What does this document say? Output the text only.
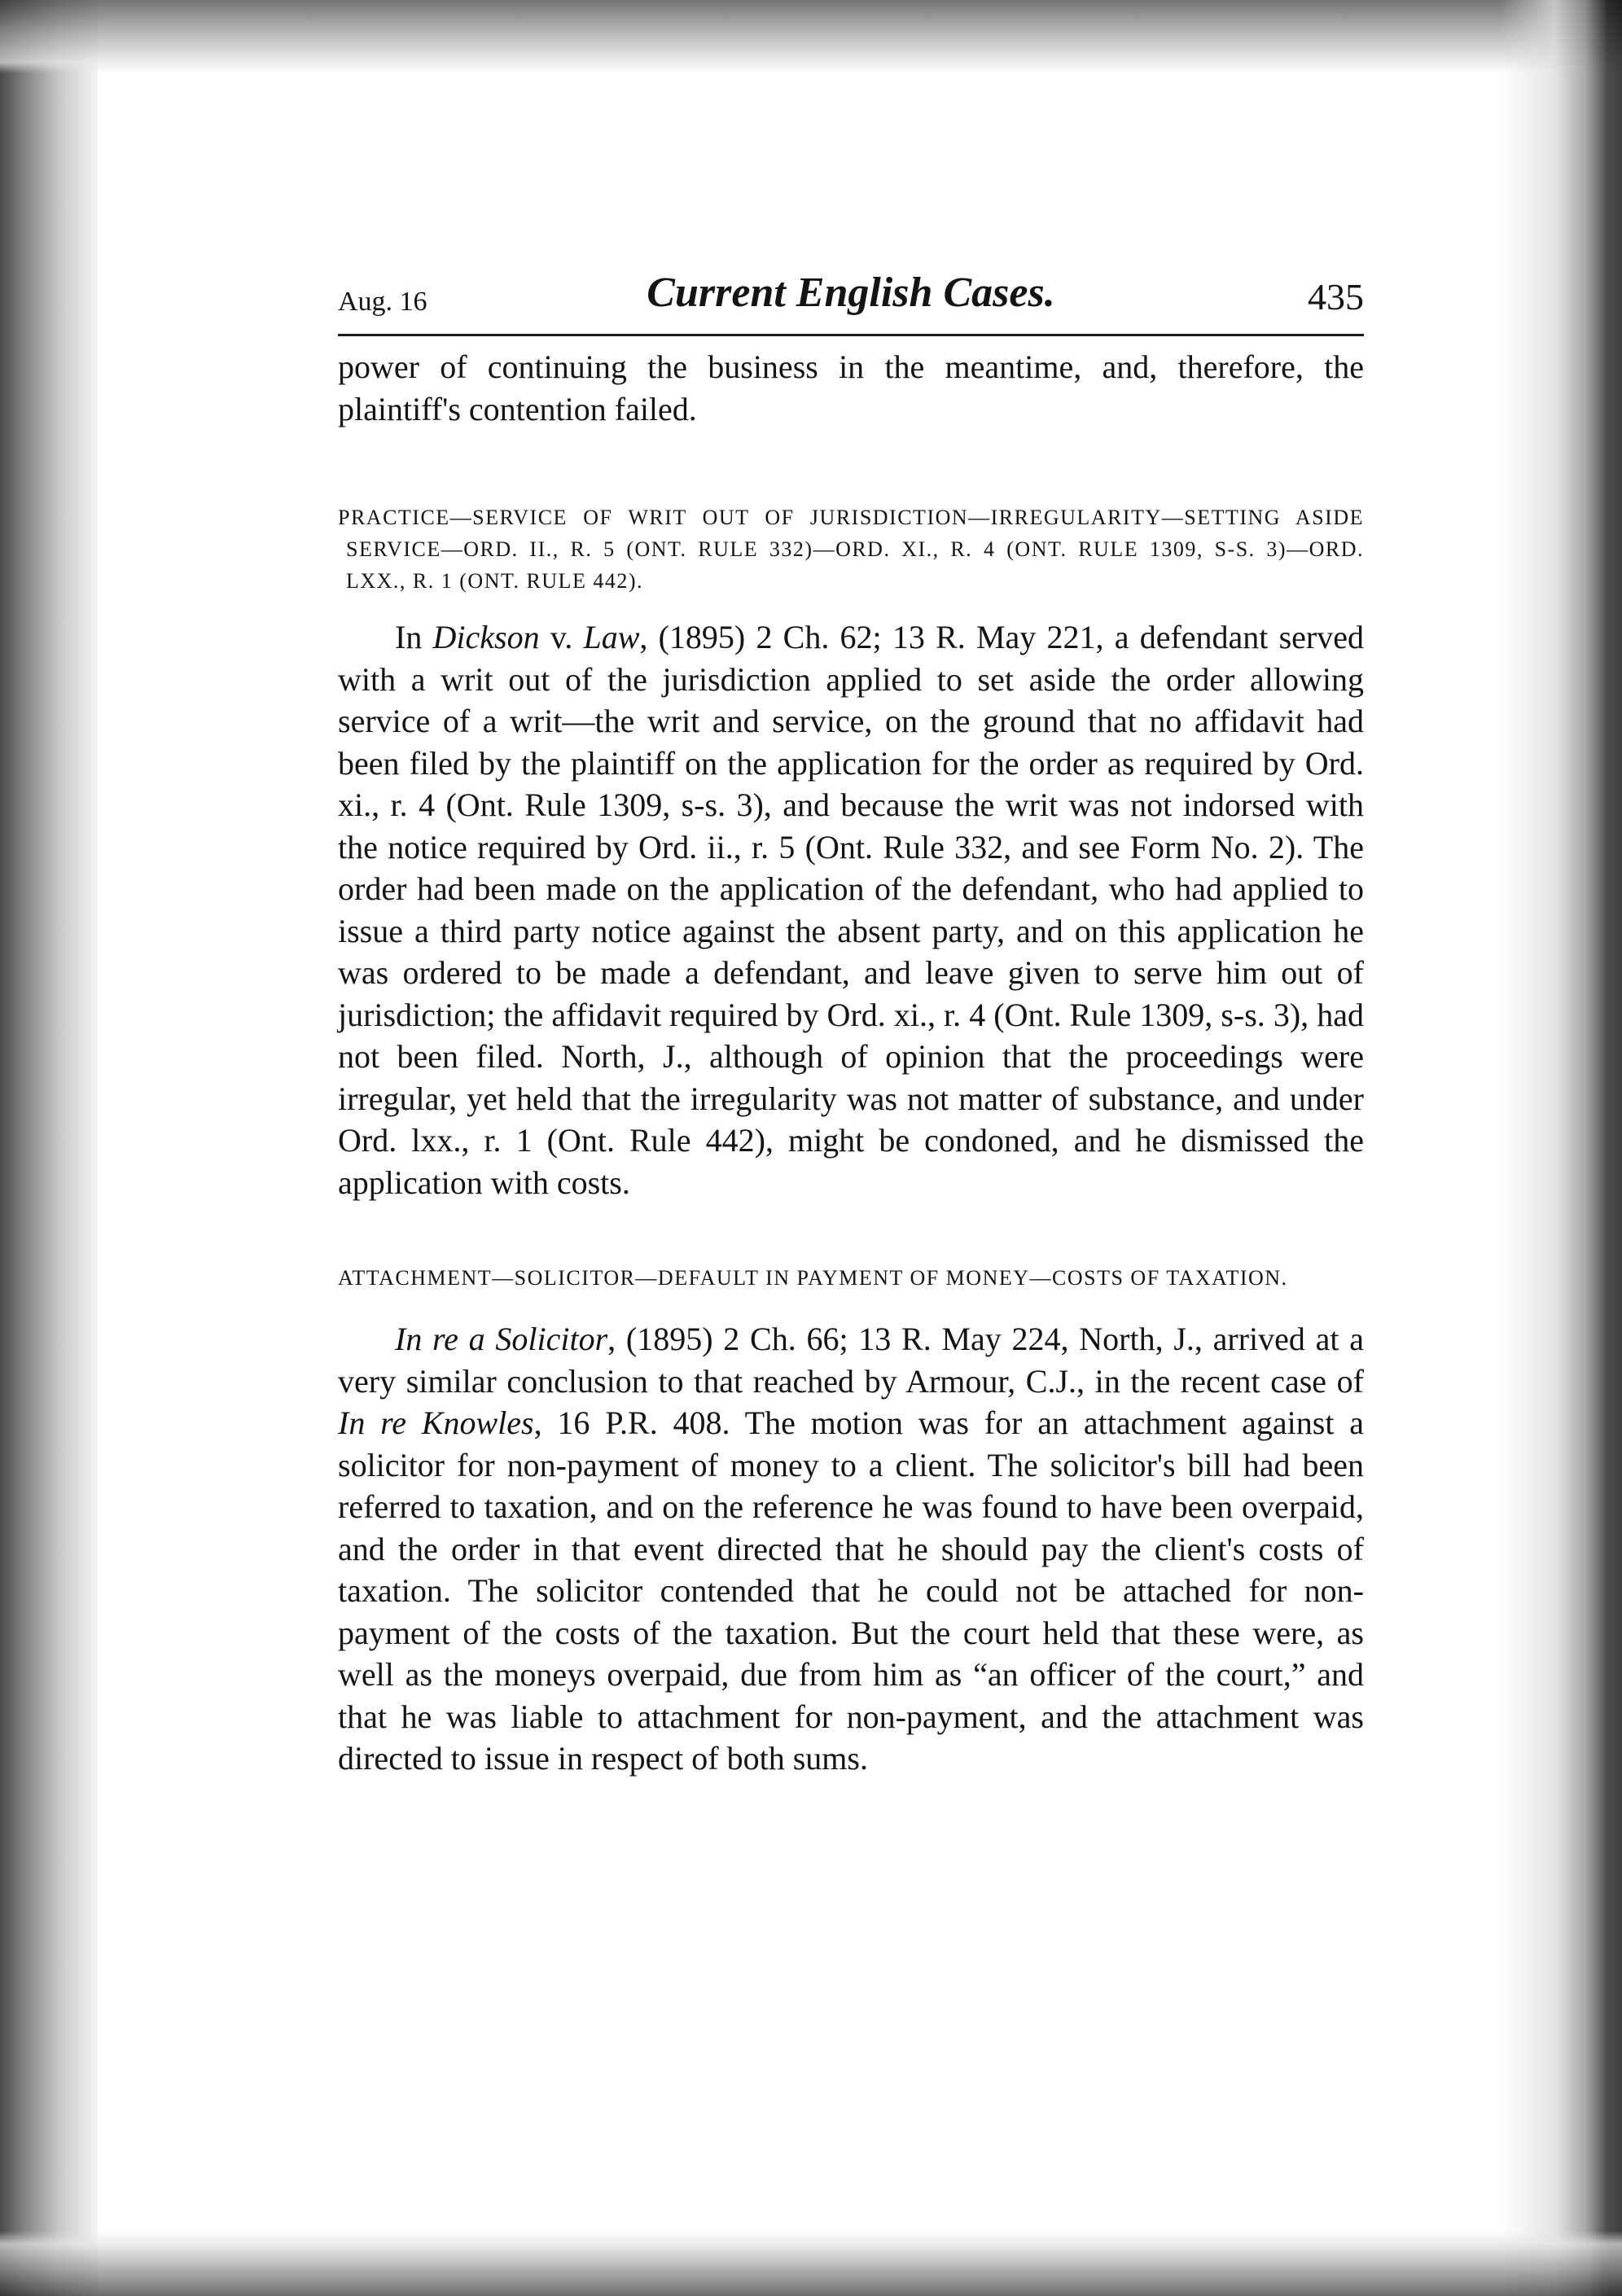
Aug. 16	Current English Cases.	435

power of continuing the business in the meantime, and, therefore, the plaintiff's contention failed.

PRACTICE—SERVICE OF WRIT OUT OF JURISDICTION—IRREGULARITY—SETTING ASIDE SERVICE—ORD. II., R. 5 (ONT. RULE 332)—ORD. XI., R. 4 (ONT. RULE 1309, S-S. 3)—ORD. LXX., R. 1 (ONT. RULE 442).

In Dickson v. Law, (1895) 2 Ch. 62; 13 R. May 221, a defendant served with a writ out of the jurisdiction applied to set aside the order allowing service of a writ—the writ and service, on the ground that no affidavit had been filed by the plaintiff on the application for the order as required by Ord. xi., r. 4 (Ont. Rule 1309, s-s. 3), and because the writ was not indorsed with the notice required by Ord. ii., r. 5 (Ont. Rule 332, and see Form No. 2). The order had been made on the application of the defendant, who had applied to issue a third party notice against the absent party, and on this application he was ordered to be made a defendant, and leave given to serve him out of jurisdiction; the affidavit required by Ord. xi., r. 4 (Ont. Rule 1309, s-s. 3), had not been filed. North, J., although of opinion that the proceedings were irregular, yet held that the irregularity was not matter of substance, and under Ord. lxx., r. 1 (Ont. Rule 442), might be condoned, and he dismissed the application with costs.

ATTACHMENT—SOLICITOR—DEFAULT IN PAYMENT OF MONEY—COSTS OF TAXATION.

In re a Solicitor, (1895) 2 Ch. 66; 13 R. May 224, North, J., arrived at a very similar conclusion to that reached by Armour, C.J., in the recent case of In re Knowles, 16 P.R. 408. The motion was for an attachment against a solicitor for non-payment of money to a client. The solicitor's bill had been referred to taxation, and on the reference he was found to have been overpaid, and the order in that event directed that he should pay the client's costs of taxation. The solicitor contended that he could not be attached for non-payment of the costs of the taxation. But the court held that these were, as well as the moneys overpaid, due from him as “an officer of the court,” and that he was liable to attachment for non-payment, and the attachment was directed to issue in respect of both sums.
